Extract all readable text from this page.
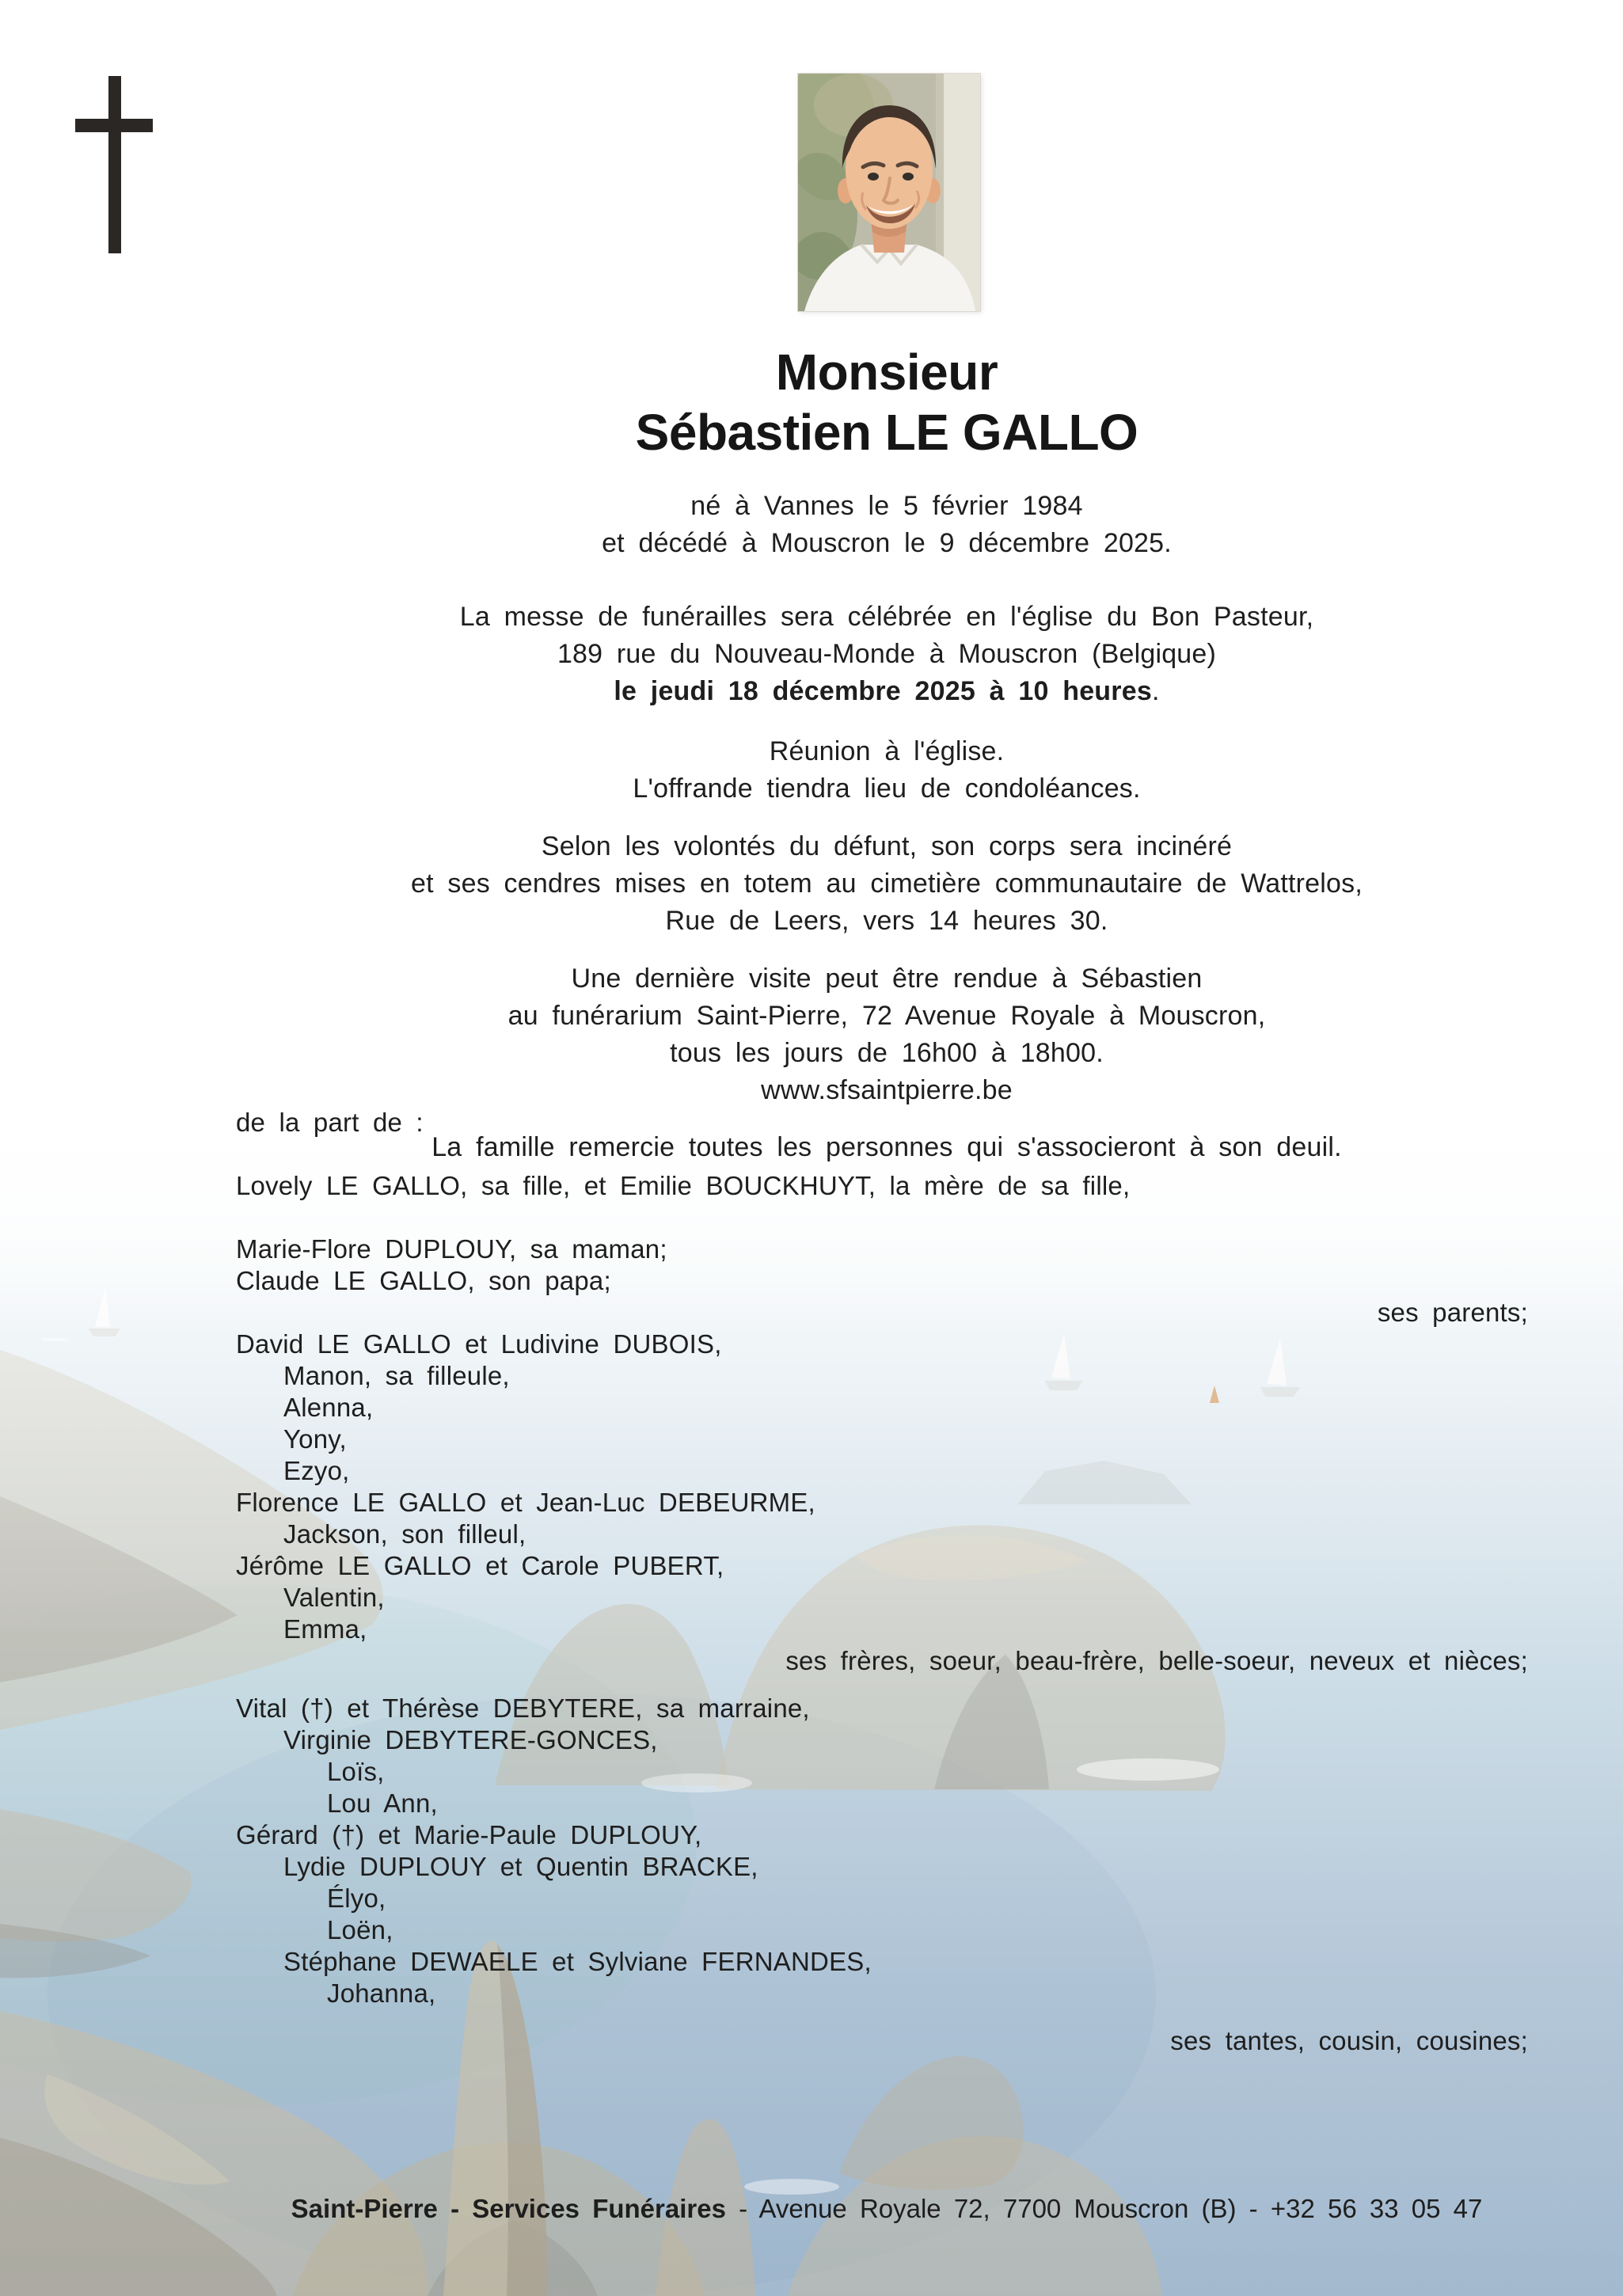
Monsieur
Sébastien LE GALLO
né à Vannes le 5 février 1984
et décédé à Mouscron le 9 décembre 2025.
La messe de funérailles sera célébrée en l'église du Bon Pasteur,
189 rue du Nouveau-Monde à Mouscron (Belgique)
le jeudi 18 décembre 2025 à 10 heures.
Réunion à l'église.
L'offrande tiendra lieu de condoléances.
Selon les volontés du défunt, son corps sera incinéré
et ses cendres mises en totem au cimetière communautaire de Wattrelos,
Rue de Leers, vers 14 heures 30.
Une dernière visite peut être rendue à Sébastien
au funérarium Saint-Pierre, 72 Avenue Royale à Mouscron,
tous les jours de 16h00 à 18h00.
www.sfsaintpierre.be
La famille remercie toutes les personnes qui s'associeront à son deuil.
de la part de :
Lovely LE GALLO, sa fille, et Emilie BOUCKHUYT, la mère de sa fille,
Marie-Flore DUPLOUY, sa maman;
Claude LE GALLO, son papa;
ses parents;
David LE GALLO et Ludivine DUBOIS,
Manon, sa filleule,
Alenna,
Yony,
Ezyo,
Florence LE GALLO et Jean-Luc DEBEURME,
Jackson, son filleul,
Jérôme LE GALLO et Carole PUBERT,
Valentin,
Emma,
ses frères, soeur, beau-frère, belle-soeur, neveux et nièces;
Vital (†) et Thérèse DEBYTERE, sa marraine,
Virginie DEBYTERE-GONCES,
Loïs,
Lou Ann,
Gérard (†) et Marie-Paule DUPLOUY,
Lydie DUPLOUY et Quentin BRACKE,
Élyo,
Loën,
Stéphane DEWAELE et Sylviane FERNANDES,
Johanna,
ses tantes, cousin, cousines;
Saint-Pierre - Services Funéraires - Avenue Royale 72, 7700 Mouscron (B) - +32 56 33 05 47
